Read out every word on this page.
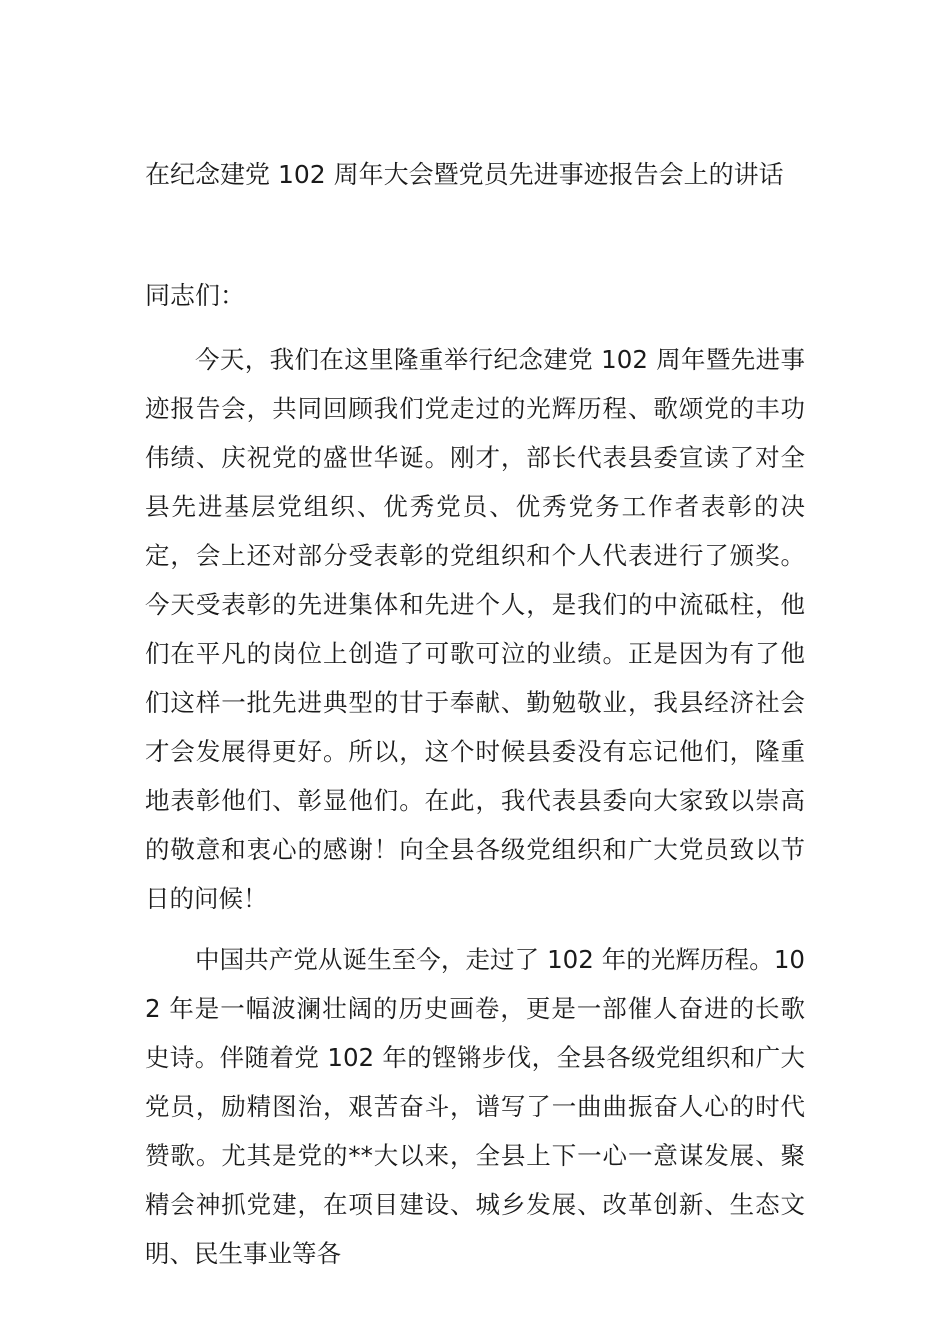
在纪念建党 102 周年大会暨党员先进事迹报告会上的讲话

同志们：

今天，我们在这里隆重举行纪念建党 102 周年暨先进事迹报告会，共同回顾我们党走过的光辉历程、歌颂党的丰功伟绩、庆祝党的盛世华诞。刚才，部长代表县委宣读了对全县先进基层党组织、优秀党员、优秀党务工作者表彰的决定，会上还对部分受表彰的党组织和个人代表进行了颁奖。今天受表彰的先进集体和先进个人，是我们的中流砥柱，他们在平凡的岗位上创造了可歌可泣的业绩。正是因为有了他们这样一批先进典型的甘于奉献、勤勉敬业，我县经济社会才会发展得更好。所以，这个时候县委没有忘记他们，隆重地表彰他们、彰显他们。在此，我代表县委向大家致以崇高的敬意和衷心的感谢！向全县各级党组织和广大党员致以节日的问候！

中国共产党从诞生至今，走过了 102 年的光辉历程。102 年是一幅波澜壮阔的历史画卷，更是一部催人奋进的长歌史诗。伴随着党 102 年的铿锵步伐，全县各级党组织和广大党员，励精图治，艰苦奋斗，谱写了一曲曲振奋人心的时代赞歌。尤其是党的**大以来，全县上下一心一意谋发展、聚精会神抓党建，在项目建设、城乡发展、改革创新、生态文明、民生事业等各
